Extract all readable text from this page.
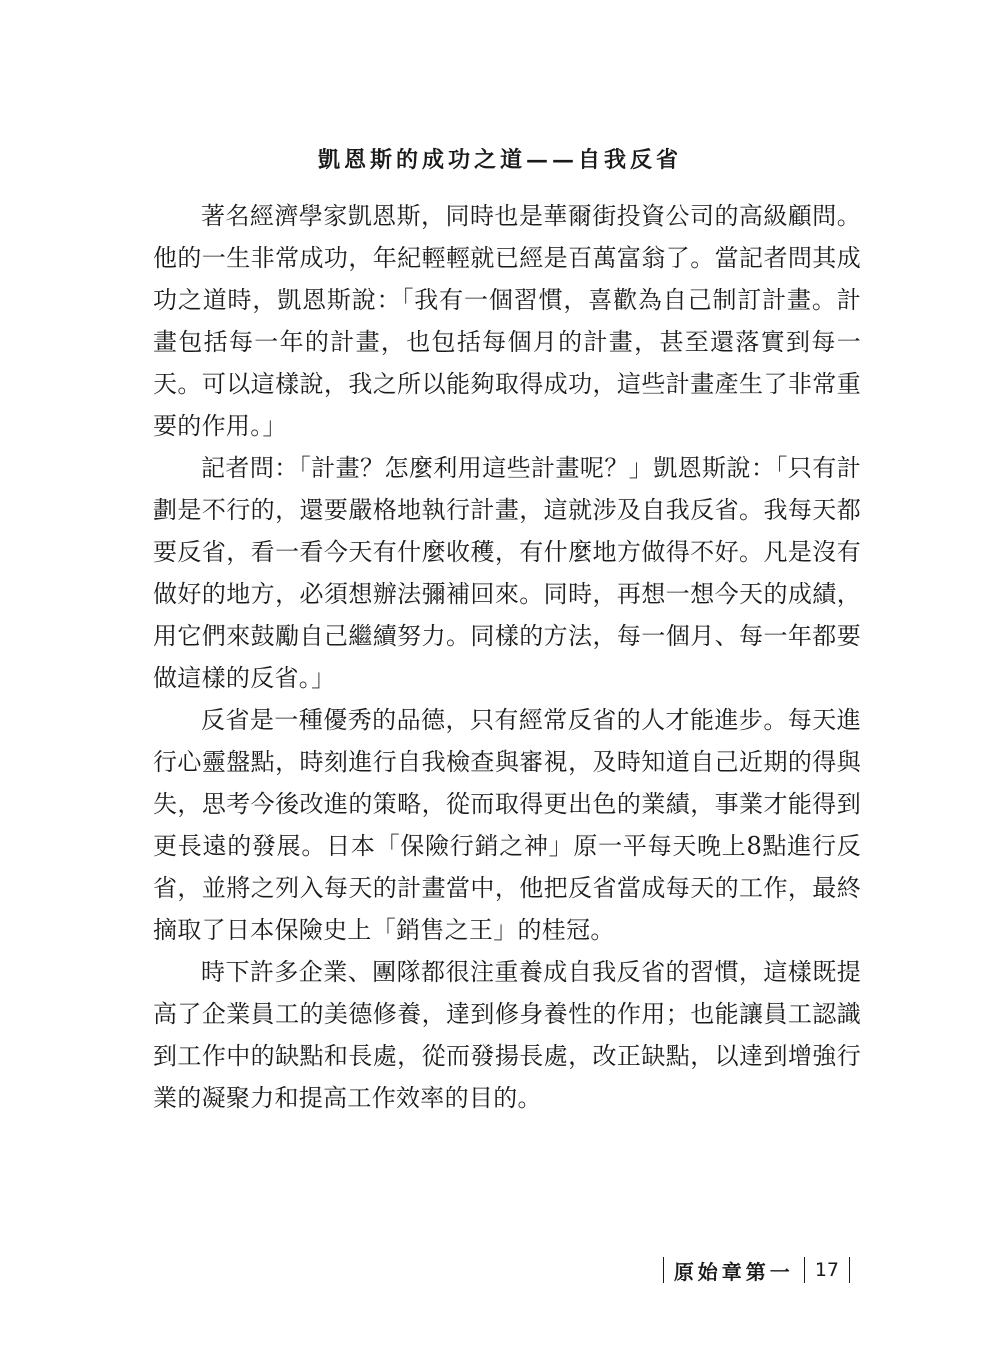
凱恩斯的成功之道——自我反省

著名經濟學家凱恩斯，同時也是華爾街投資公司的高級顧問。他的一生非常成功，年紀輕輕就已經是百萬富翁了。當記者問其成功之道時，凱恩斯說：「我有一個習慣，喜歡為自己制訂計畫。計畫包括每一年的計畫，也包括每個月的計畫，甚至還落實到每一天。可以這樣說，我之所以能夠取得成功，這些計畫產生了非常重要的作用。」

記者問：「計畫？怎麼利用這些計畫呢？」凱恩斯說：「只有計劃是不行的，還要嚴格地執行計畫，這就涉及自我反省。我每天都要反省，看一看今天有什麼收穫，有什麼地方做得不好。凡是沒有做好的地方，必須想辦法彌補回來。同時，再想一想今天的成績，用它們來鼓勵自己繼續努力。同樣的方法，每一個月、每一年都要做這樣的反省。」

反省是一種優秀的品德，只有經常反省的人才能進步。每天進行心靈盤點，時刻進行自我檢查與審視，及時知道自己近期的得與失，思考今後改進的策略，從而取得更出色的業績，事業才能得到更長遠的發展。日本「保險行銷之神」原一平每天晚上8點進行反省，並將之列入每天的計畫當中，他把反省當成每天的工作，最終摘取了日本保險史上「銷售之王」的桂冠。

時下許多企業、團隊都很注重養成自我反省的習慣，這樣既提高了企業員工的美德修養，達到修身養性的作用；也能讓員工認識到工作中的缺點和長處，從而發揚長處，改正缺點，以達到增強行業的凝聚力和提高工作效率的目的。

原始章第一 17
